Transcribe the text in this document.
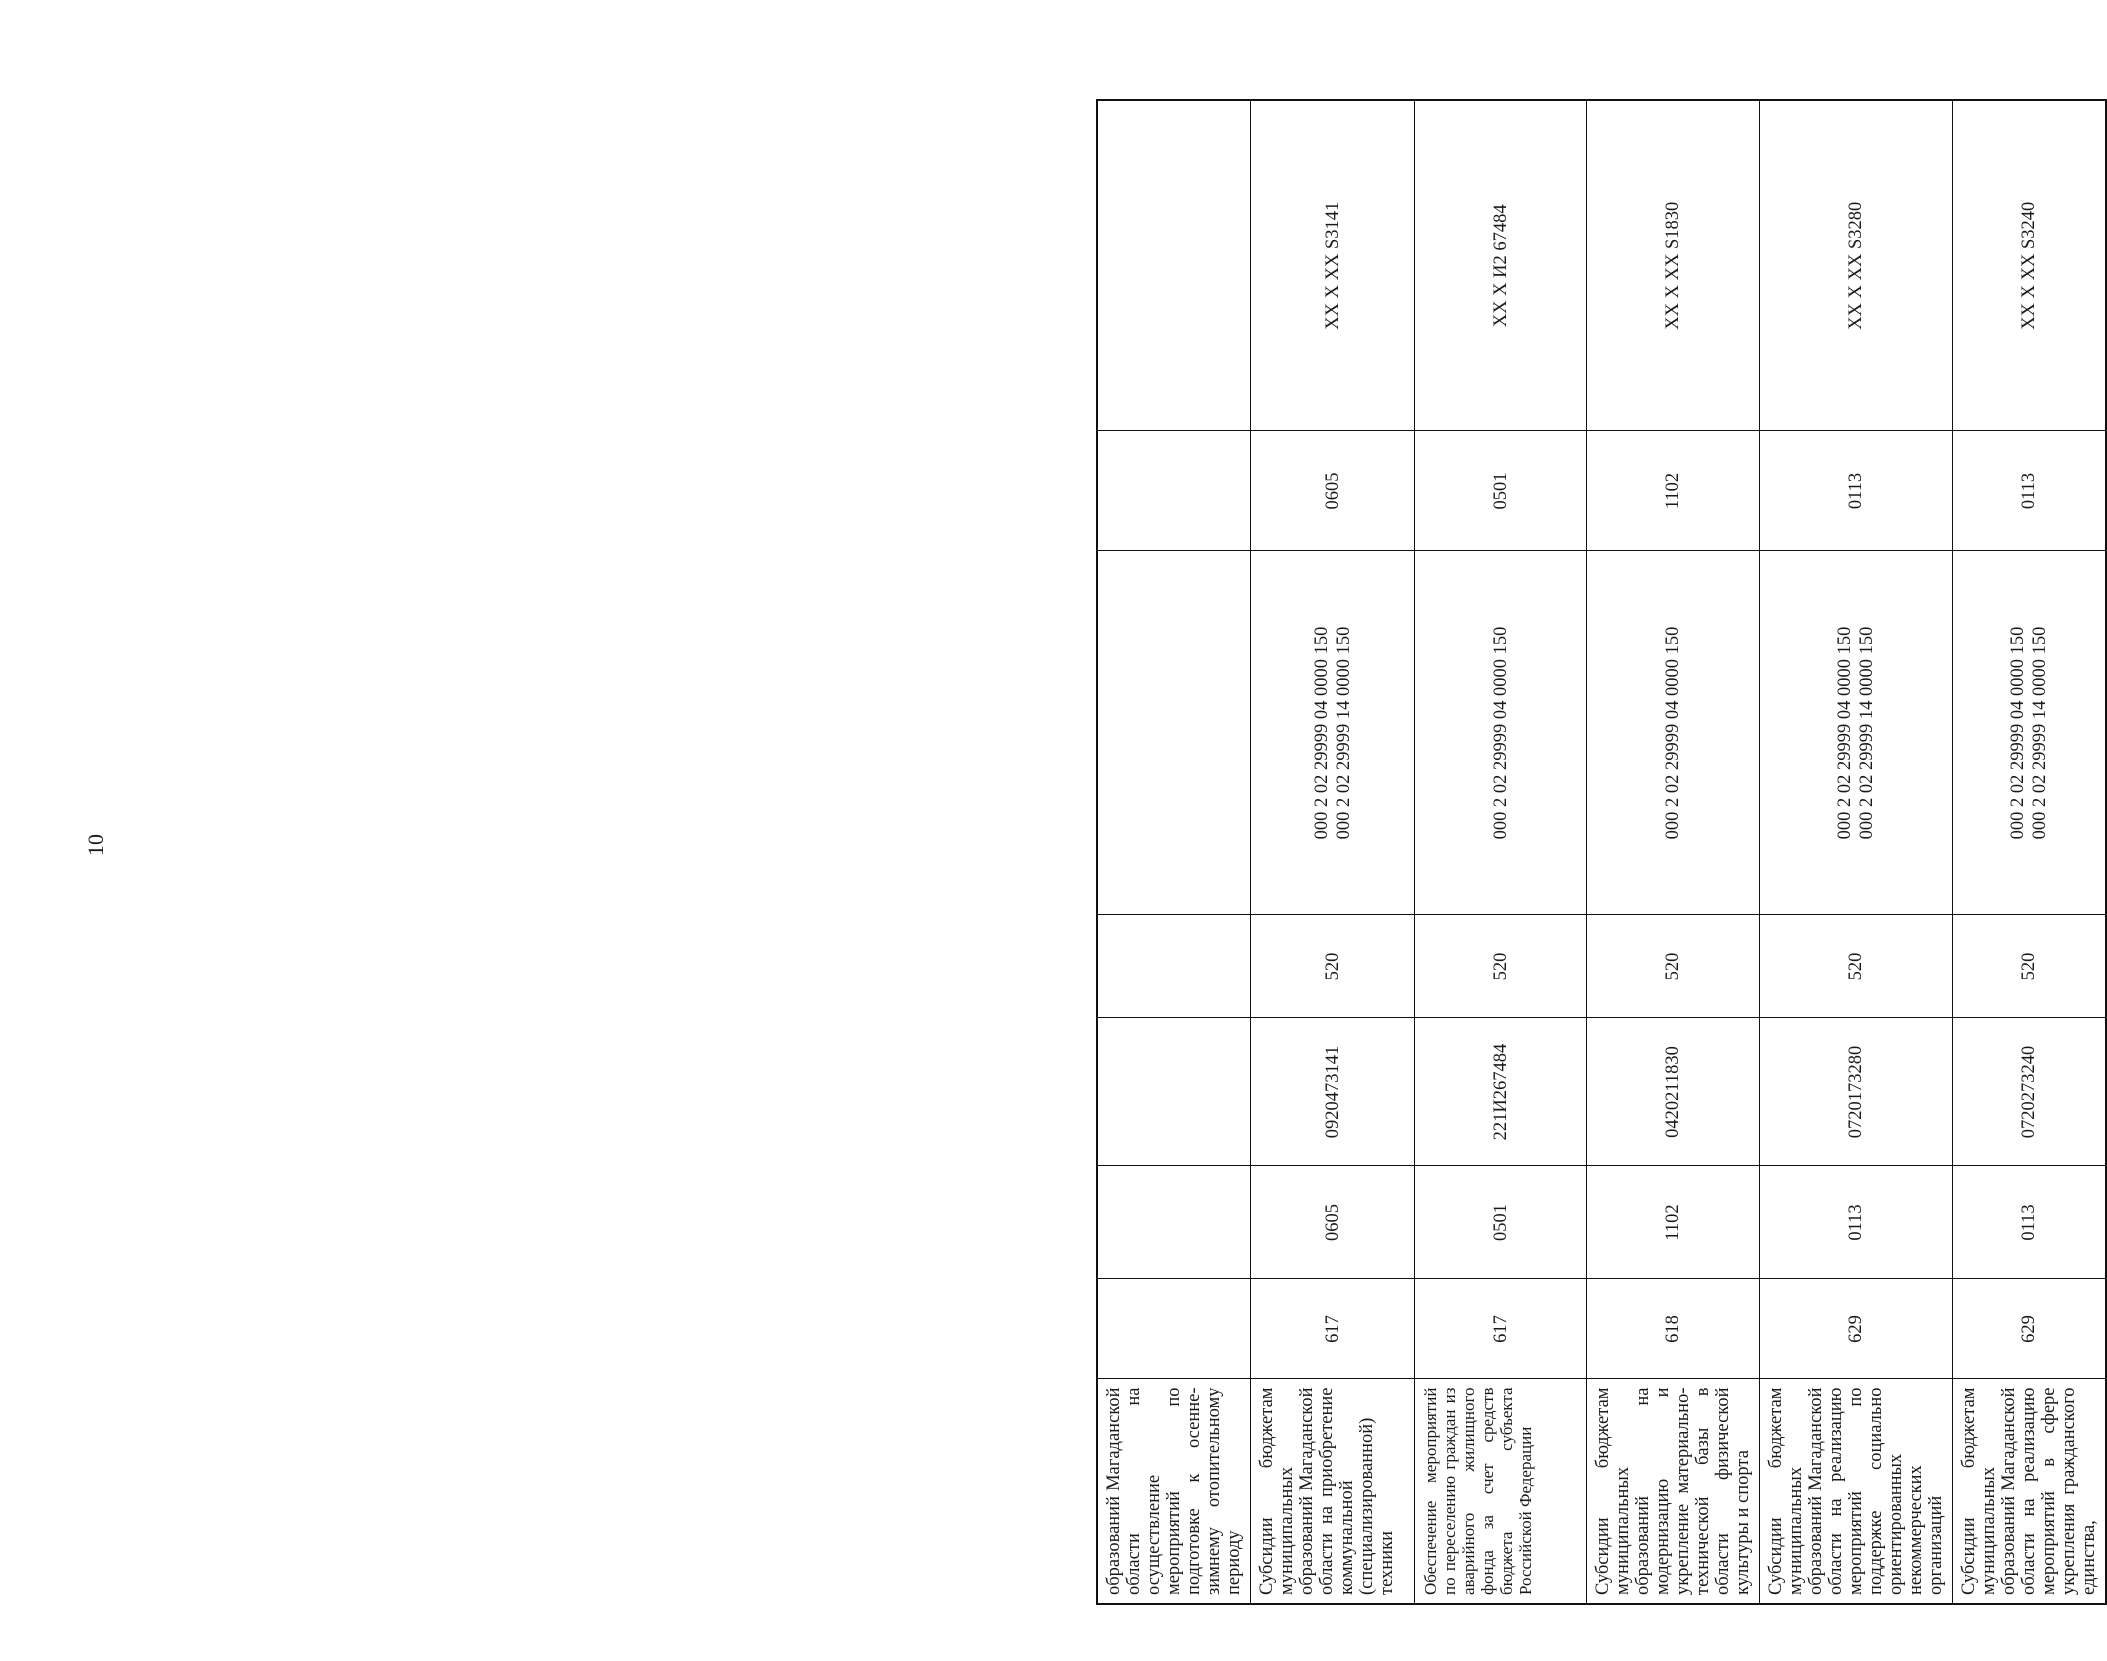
10
образований Магаданской области на осуществление мероприятий по подготовке к осенне-зимнему отопительному периоду					

Субсидии бюджетам муниципальных образований Магаданской области на приобретение коммунальной (специализированной) техники	617	0605	0920473141	520	000 2 02 29999 04 0000 150 000 2 02 29999 14 0000 150	0605	XX X XX S3141
Обеспечение мероприятий по переселению граждан из аварийного жилищного фонда за счет средств бюджета субъекта Российской Федерации	617	0501	221И267484	520	000 2 02 29999 04 0000 150	0501	XX X И2 67484
Субсидии бюджетам муниципальных образований на модернизацию и укрепление материально-технической базы в области физической культуры и спорта	618	1102	0420211830	520	000 2 02 29999 04 0000 150	1102	XX X XX S1830
Субсидии бюджетам муниципальных образований Магаданской области на реализацию мероприятий по поддержке социально ориентированных некоммерческих организаций	629	0113	0720173280	520	000 2 02 29999 04 0000 150 000 2 02 29999 14 0000 150	0113	XX X XX S3280
Субсидии бюджетам муниципальных образований Магаданской области на реализацию мероприятий в сфере укрепления гражданского единства,	629	0113	0720273240	520	000 2 02 29999 04 0000 150 000 2 02 29999 14 0000 150	0113	XX X XX S3240
